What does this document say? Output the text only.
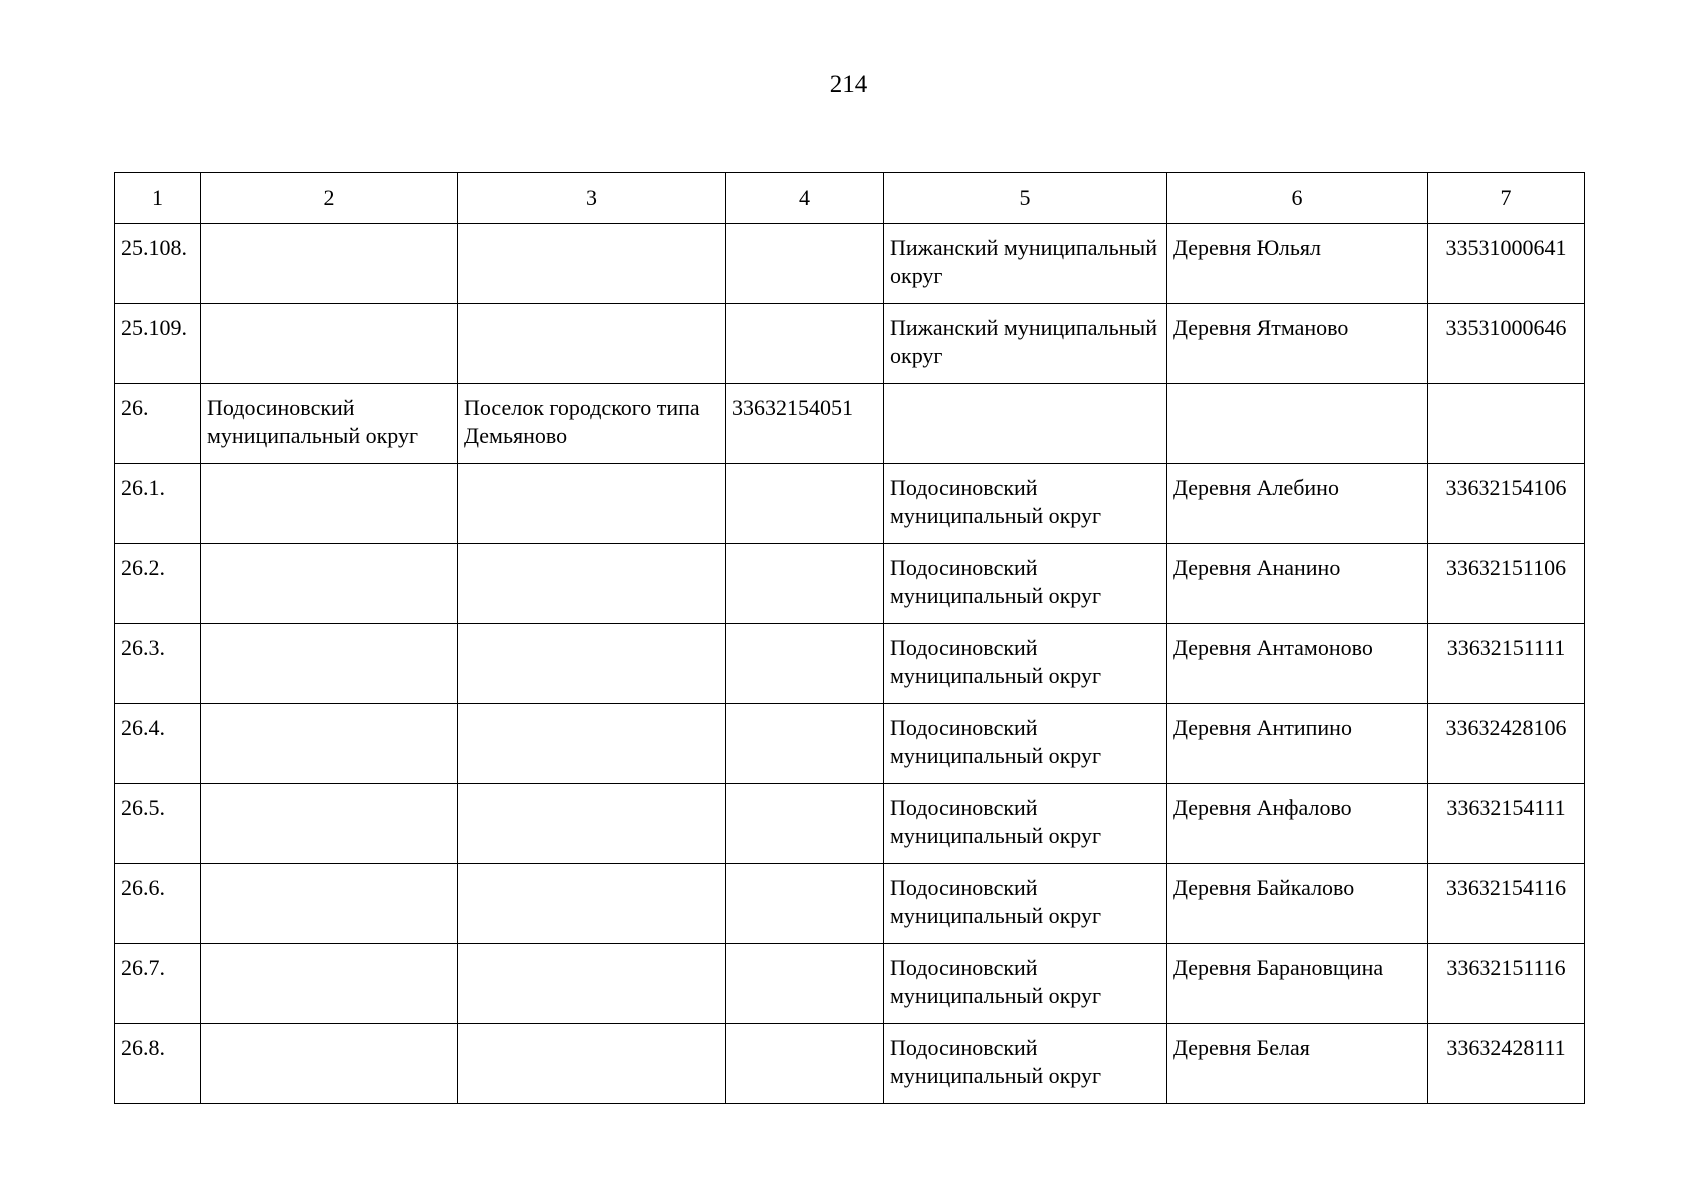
214
1	2	3	4	5	6	7
25.108.				Пижанский муниципальный округ	Деревня Юльял	33531000641
25.109.				Пижанский муниципальный округ	Деревня Ятманово	33531000646
26.	Подосиновский муниципальный округ	Поселок городского типа Демьяново	33632154051			
26.1.				Подосиновский муниципальный округ	Деревня Алебино	33632154106
26.2.				Подосиновский муниципальный округ	Деревня Ананино	33632151106
26.3.				Подосиновский муниципальный округ	Деревня Антамоново	33632151111
26.4.				Подосиновский муниципальный округ	Деревня Антипино	33632428106
26.5.				Подосиновский муниципальный округ	Деревня Анфалово	33632154111
26.6.				Подосиновский муниципальный округ	Деревня Байкалово	33632154116
26.7.				Подосиновский муниципальный округ	Деревня Барановщина	33632151116
26.8.				Подосиновский муниципальный округ	Деревня Белая	33632428111
